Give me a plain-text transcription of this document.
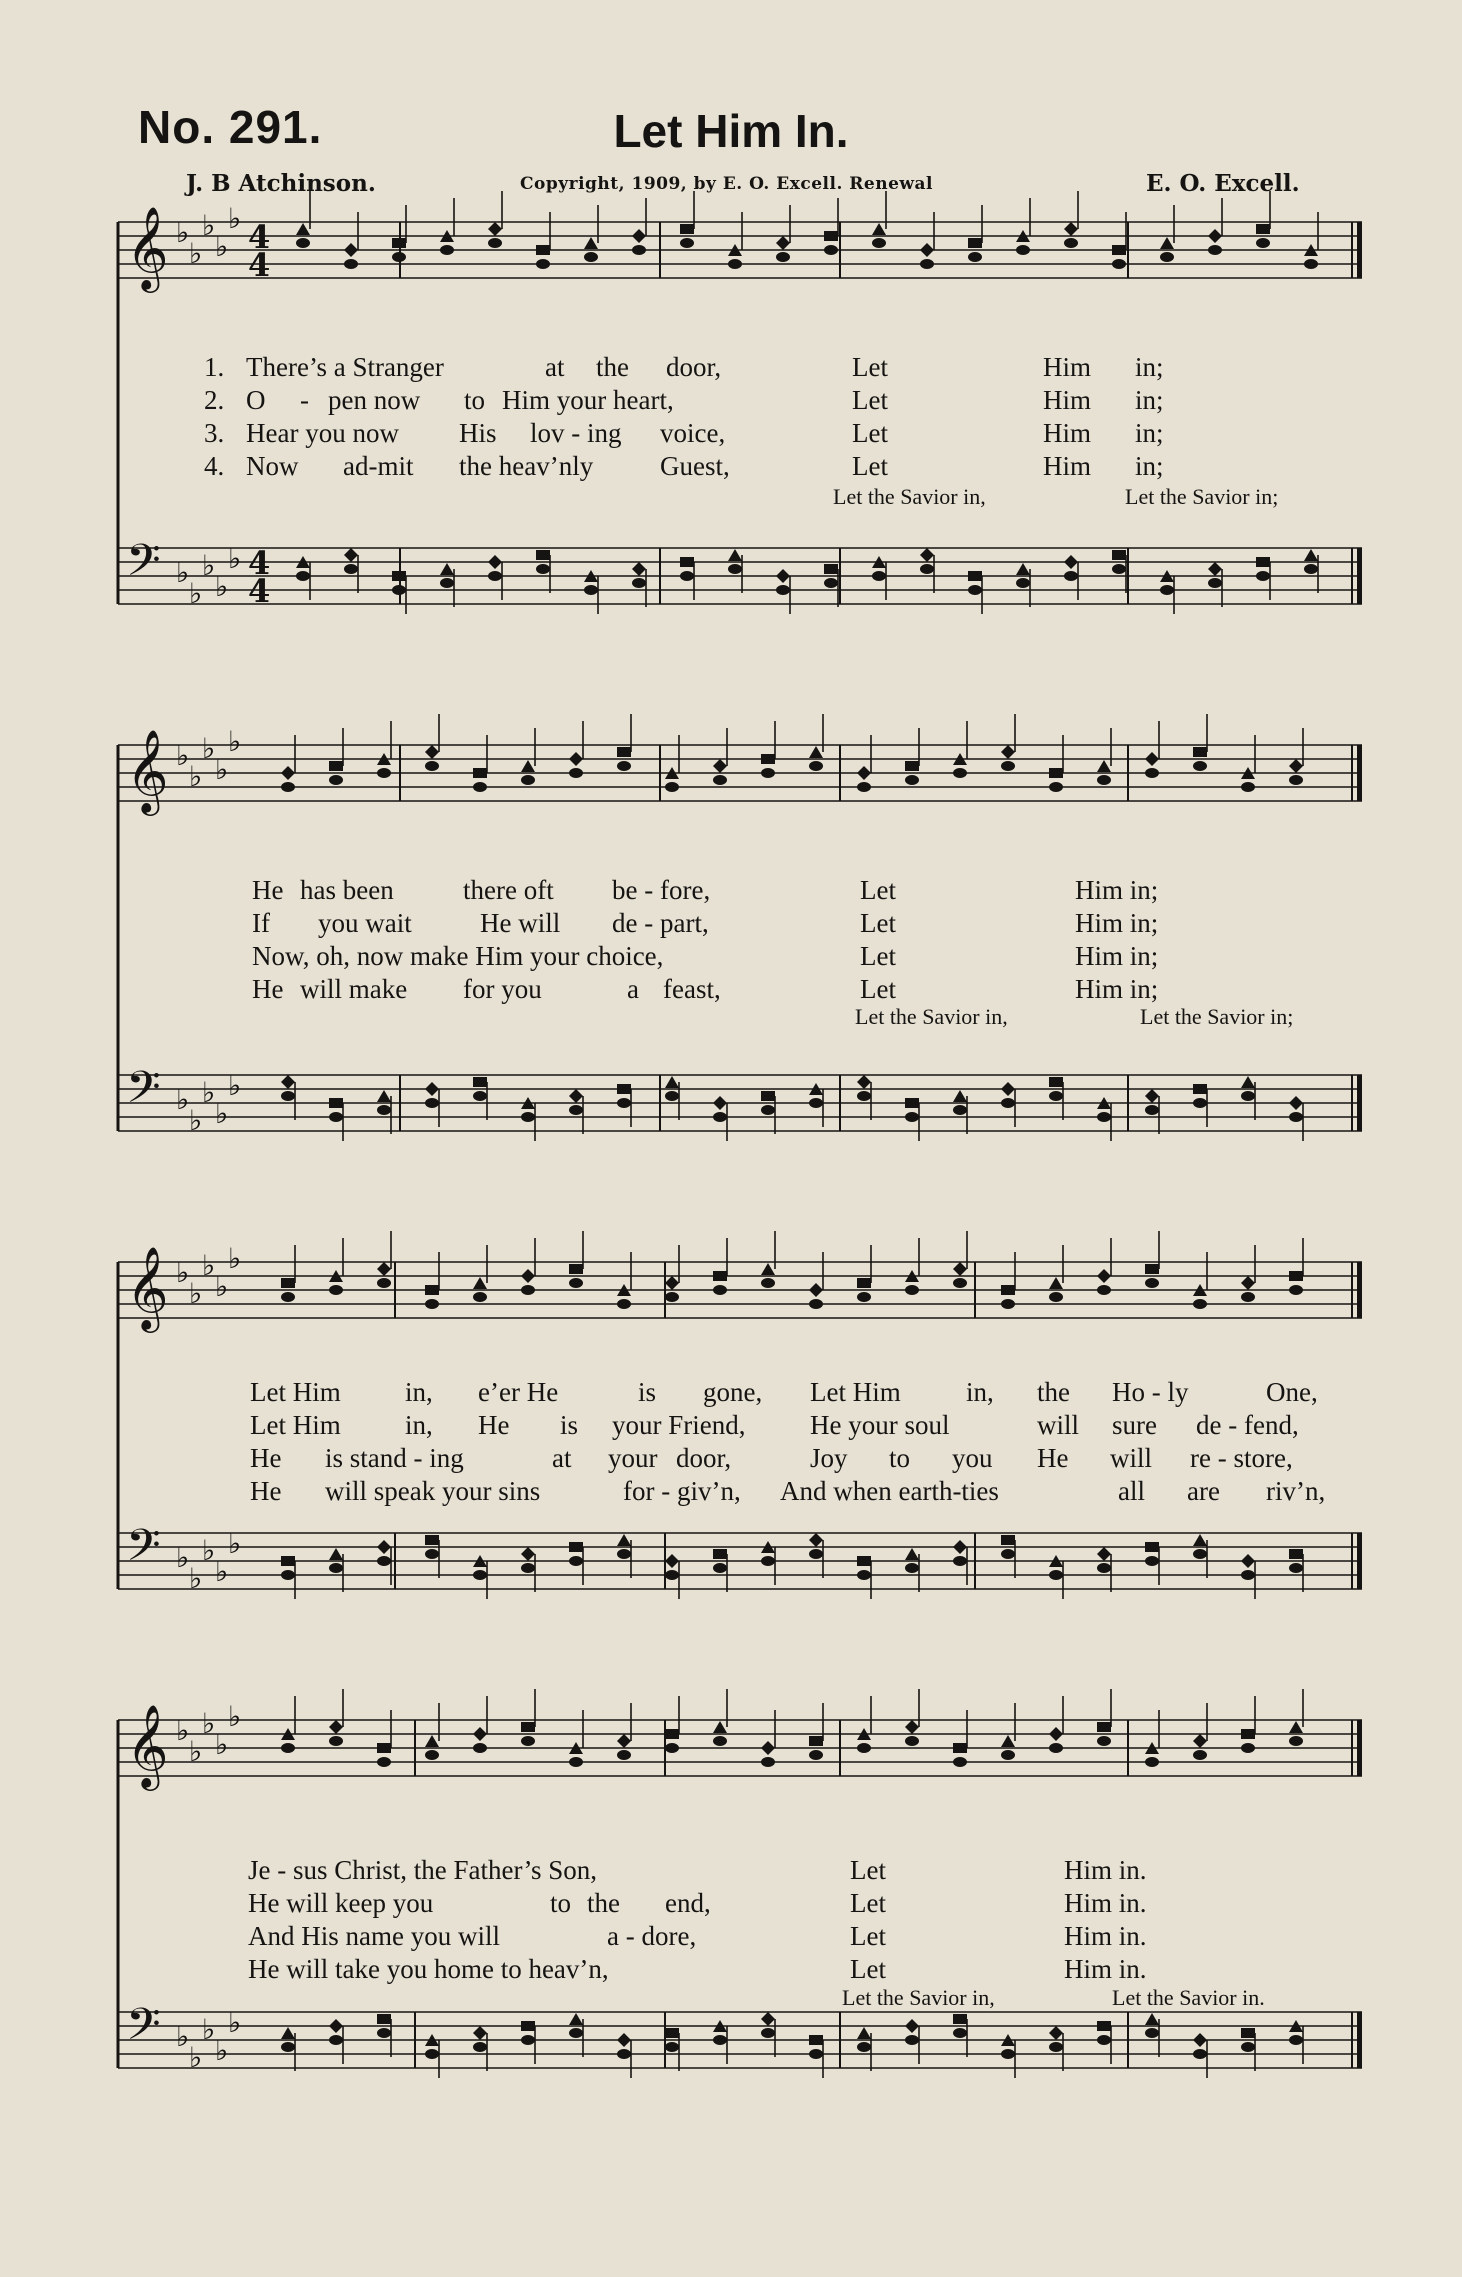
No. 291.	Let Him In.
J. B Atchinson.	Copyright, 1909, by E. O. Excell. Renewal	E. O. Excell.
𝄞 ♭
♭
♭
♭
♭ 4
4
𝄢 ♭
♭
♭
♭
♭ 4
4
𝄞 ♭
♭
♭
♭
♭
𝄢 ♭
♭
♭
♭
♭
𝄞 ♭
♭
♭
♭
♭
𝄢 ♭
♭
♭
♭
♭
𝄞 ♭
♭
♭
♭
♭
𝄢 ♭
♭
♭
♭
♭
1. There’s a Stranger	at the door,	Let	Him in;
2. O - pen now to Him your heart,	Let	Him in;
3. Hear you now His lov - ing voice,	Let	Him in;
4. Now ad-mit the heav’nly Guest,	Let	Him in;
Let the Savior in,	Let the Savior in;
He has been	there oft be - fore,	Let	Him in;
If you wait	He will de - part,	Let	Him in;
Now, oh, now make Him your choice,	Let	Him in;
He will make for you	a feast,	Let	Him in;
Let the Savior in,	Let the Savior in;
Let Him in, e’er He	is gone, Let Him in, the Ho - ly	One,
Let Him in, He is your Friend, He your soul	will sure de - fend,
He is stand - ing	at your door,	Joy to you He will re - store,
He will speak your sins	for - giv’n, And when earth-ties	all are riv’n,
Je - sus Christ, the Father’s Son,	Let	Him in.
He will keep you	to the end,	Let	Him in.
And His name you will	a - dore,	Let	Him in.
He will take you home to heav’n,	Let	Him in.
Let the Savior in,	Let the Savior in.
